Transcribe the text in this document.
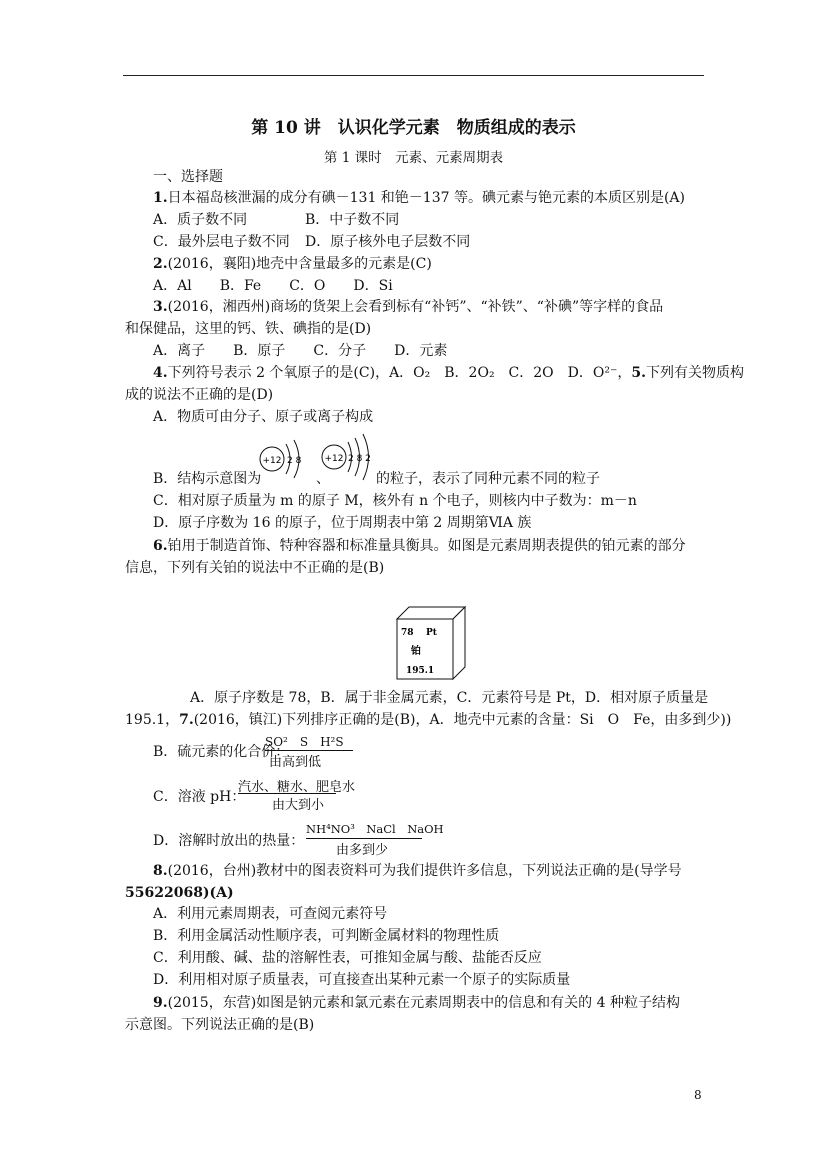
第 10 讲　认识化学元素　物质组成的表示
第 1 课时　元素、元素周期表
一、选择题
1.日本福岛核泄漏的成分有碘－131 和铯－137 等。碘元素与铯元素的本质区别是(A)
A．质子数不同	B．中子数不同
C．最外层电子数不同 D．原子核外电子层数不同
2.(2016，襄阳)地壳中含量最多的元素是(C)
A．Al　　B．Fe　　C．O　　D．Si
3.(2016，湘西州)商场的货架上会看到标有“补钙”、“补铁”、“补碘”等字样的食品
和保健品，这里的钙、铁、碘指的是(D)
A．离子　　B．原子　　C．分子　　D．元素
4.下列符号表示 2 个氧原子的是(C)，A．O₂　B．2O₂　C．2O　D．O²⁻，5.下列有关物质构
成的说法不正确的是(D)
A．物质可由分子、原子或离子构成
B．结构示意图为
+12 2 8
、
+12 2 8 2
的粒子，表示了同种元素不同的粒子
C．相对原子质量为 m 的原子 M，核外有 n 个电子，则核内中子数为：m－n
D．原子序数为 16 的原子，位于周期表中第 2 周期第ⅥA 族
6.铂用于制造首饰、特种容器和标准量具衡具。如图是元素周期表提供的铂元素的部分
信息，下列有关铂的说法中不正确的是(B)
78 Pt
铂
195.1
A．原子序数是 78，B．属于非金属元素，C．元素符号是 Pt，D．相对原子质量是
195.1，7.(2016，镇江)下列排序正确的是(B)，A．地壳中元素的含量：Si　O　Fe，由多到少))
B．硫元素的化合价：
SO²　S　H²S
由高到低
C．溶液 pH：
汽水、糖水、肥皂水
由大到小
D．溶解时放出的热量：
NH⁴NO³　NaCl　NaOH
由多到少
8.(2016，台州)教材中的图表资料可为我们提供许多信息，下列说法正确的是(导学号
55622068)(A)
A．利用元素周期表，可查阅元素符号
B．利用金属活动性顺序表，可判断金属材料的物理性质
C．利用酸、碱、盐的溶解性表，可推知金属与酸、盐能否反应
D．利用相对原子质量表，可直接查出某种元素一个原子的实际质量
9.(2015，东营)如图是钠元素和氯元素在元素周期表中的信息和有关的 4 种粒子结构
示意图。下列说法正确的是(B)
8
